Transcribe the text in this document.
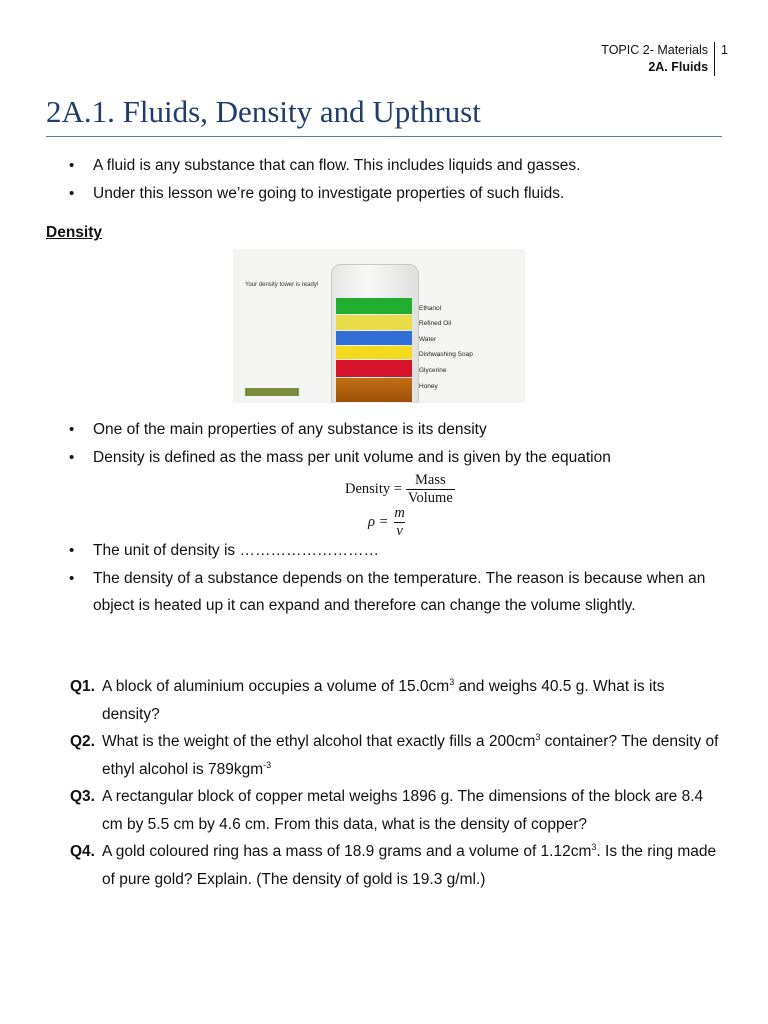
TOPIC 2- Materials
2A. Fluids
1
2A.1. Fluids, Density and Upthrust
• A fluid is any substance that can flow. This includes liquids and gasses.
• Under this lesson we’re going to investigate properties of such fluids.
Density
Your density tower is ready!
Ethanol
Refined Oil
Water
Dishwashing Soap
Glycerine
Honey
• One of the main properties of any substance is its density
• Density is defined as the mass per unit volume and is given by the equation
Density = $\frac{\text{Mass}}{\text{Volume}}$
$\rho = \frac{m}{v}$
• The unit of density is ………………………
• The density of a substance depends on the temperature. The reason is because when an object is heated up it can expand and therefore can change the volume slightly.
Q1. A block of aluminium occupies a volume of $15.0cm^3$ and weighs 40.5 g. What is its density?
Q2. What is the weight of the ethyl alcohol that exactly fills a $200cm^3$ container? The density of ethyl alcohol is 789kgm$^{-3}$
Q3. A rectangular block of copper metal weighs 1896 g. The dimensions of the block are 8.4 cm by 5.5 cm by 4.6 cm. From this data, what is the density of copper?
Q4. A gold coloured ring has a mass of 18.9 grams and a volume of $1.12cm^3$. Is the ring made of pure gold? Explain. (The density of gold is 19.3 g/ml.)
